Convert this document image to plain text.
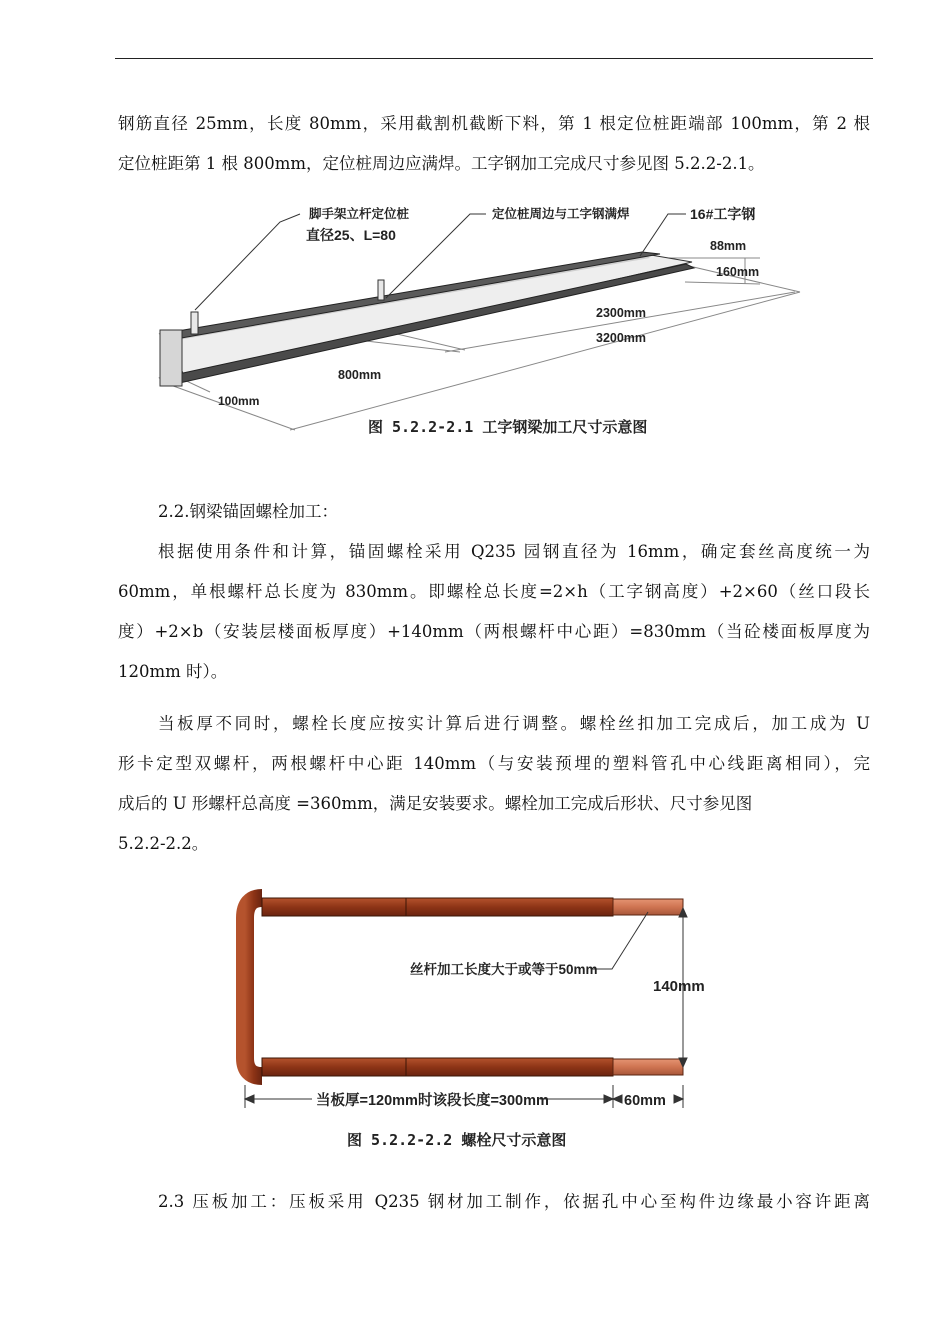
钢筋直径 25mm，长度 80mm，采用截割机截断下料，第 1 根定位桩距端部 100mm，第 2 根
定位桩距第 1 根 800mm，定位桩周边应满焊。工字钢加工完成尺寸参见图 5.2.2-2.1。
脚手架立杆定位桩
直径25、L=80
定位桩周边与工字钢满焊	16#工字钢
88mm
160mm
2300mm
3200mm
800mm
100mm
图 5.2.2-2.1 工字钢梁加工尺寸示意图
2.2.钢梁锚固螺栓加工：
根据使用条件和计算，锚固螺栓采用 Q235 园钢直径为 16mm，确定套丝高度统一为
60mm，单根螺杆总长度为 830mm。即螺栓总长度=2×h（工字钢高度）+2×60（丝口段长
度）+2×b（安装层楼面板厚度）+140mm（两根螺杆中心距）=830mm（当砼楼面板厚度为
120mm 时）。
当板厚不同时，螺栓长度应按实计算后进行调整。螺栓丝扣加工完成后，加工成为 U
形卡定型双螺杆，两根螺杆中心距 140mm（与安装预埋的塑料管孔中心线距离相同），完
成后的 U 形螺杆总高度 =360mm，满足安装要求。螺栓加工完成后形状、尺寸参见图
5.2.2-2.2。
丝杆加工长度大于或等于50mm
140mm
当板厚=120mm时该段长度=300mm	60mm
图 5.2.2-2.2 螺栓尺寸示意图
2.3 压板加工：压板采用 Q235 钢材加工制作，依据孔中心至构件边缘最小容许距离
